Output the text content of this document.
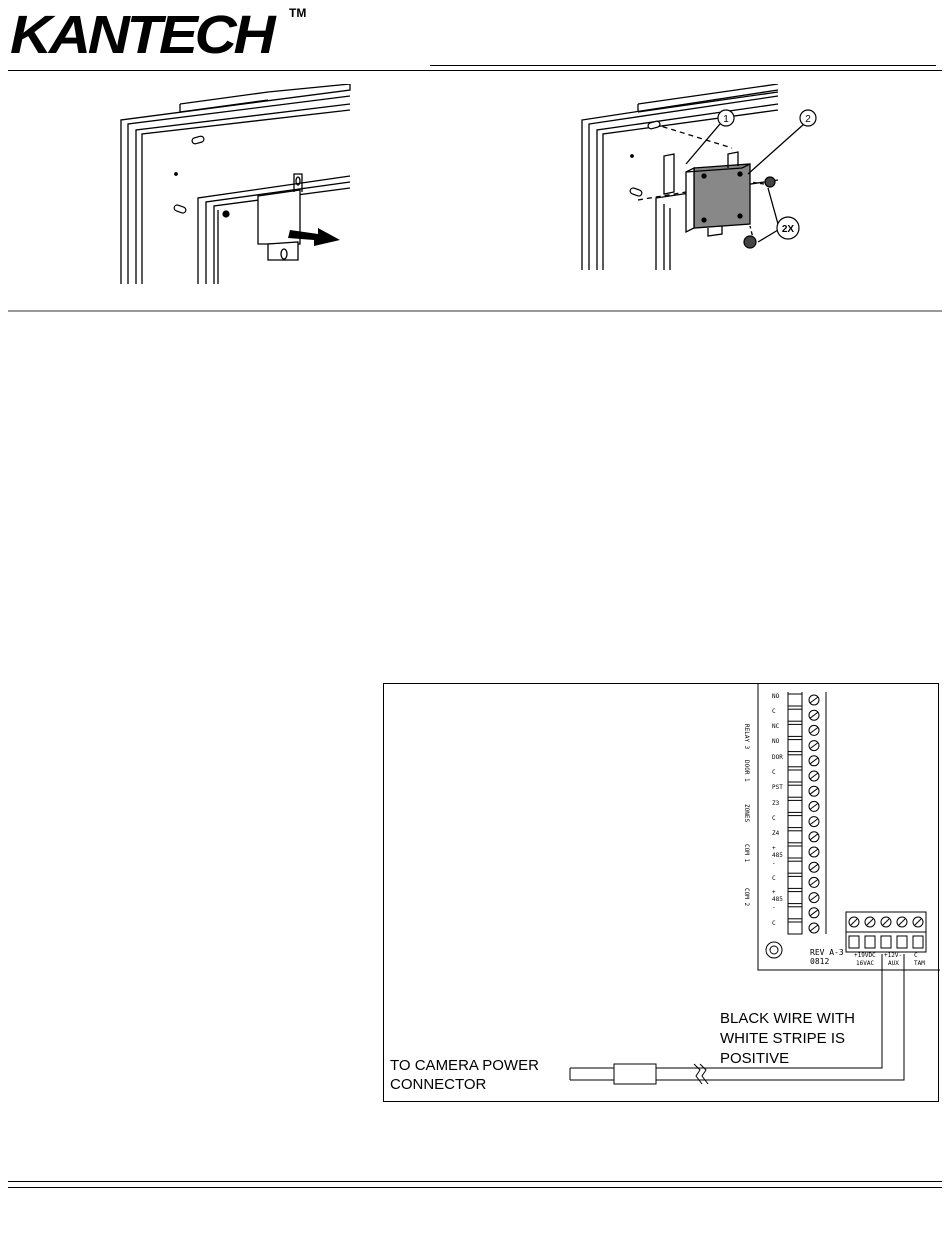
KANTECH TM
1	2
2X
NO
C
NC
NO
DOR
C
PST
Z3
C
Z4
+
485
-
C
+
485
-
C
RELAY 3
DOOR 1
ZONES
COM 1
COM 2
REV A-3
0812
+19VDC
16VAC
+12V-
AUX
C
TAM
BLACK WIRE WITH
WHITE STRIPE IS
POSITIVE
TO CAMERA POWER
CONNECTOR
